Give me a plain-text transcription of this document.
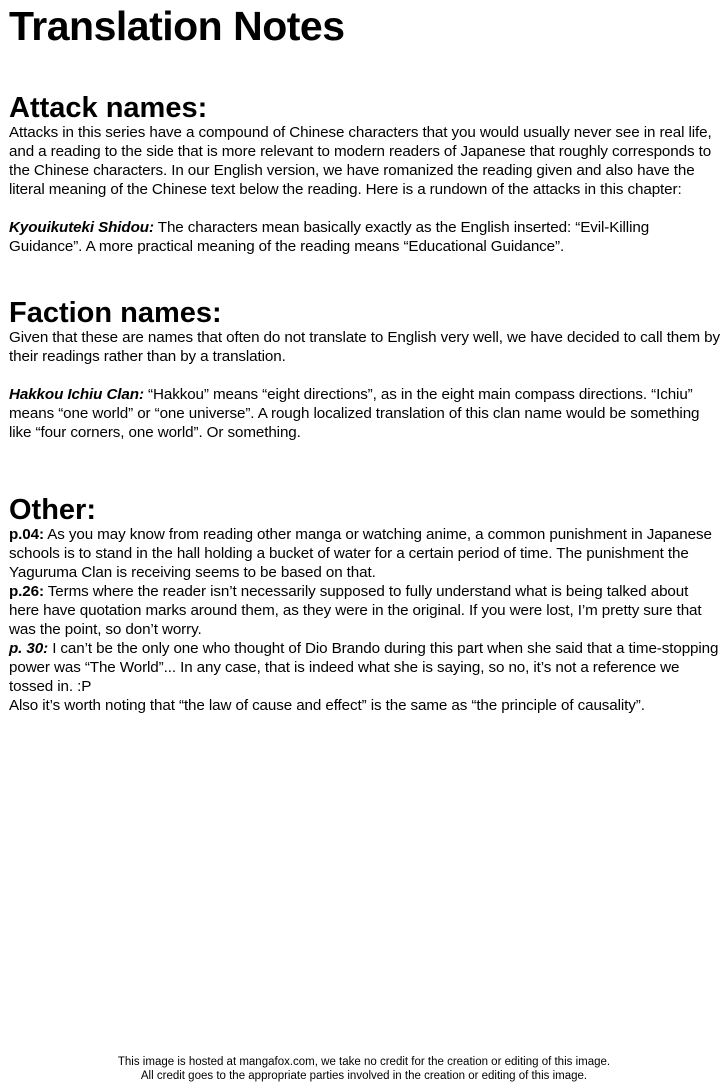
Translation Notes
Attack names:

Attacks in this series have a compound of Chinese characters that you would usually never see in real life, and a reading to the side that is more relevant to modern readers of Japanese that roughly corresponds to the Chinese characters. In our English version, we have romanized the reading given and also have the literal meaning of the Chinese text below the reading. Here is a rundown of the attacks in this chapter:

Kyouikuteki Shidou: The characters mean basically exactly as the English inserted: “Evil-Killing Guidance”. A more practical meaning of the reading means “Educational Guidance”.

Faction names:

Given that these are names that often do not translate to English very well, we have decided to call them by their readings rather than by a translation.

Hakkou Ichiu Clan: “Hakkou” means “eight directions”, as in the eight main compass directions. “Ichiu” means “one world” or “one universe”. A rough localized translation of this clan name would be something like “four corners, one world”. Or something.

Other:

p.04: As you may know from reading other manga or watching anime, a common punishment in Japanese schools is to stand in the hall holding a bucket of water for a certain period of time. The punishment the Yaguruma Clan is receiving seems to be based on that.

p.26: Terms where the reader isn’t necessarily supposed to fully understand what is being talked about here have quotation marks around them, as they were in the original. If you were lost, I’m pretty sure that was the point, so don’t worry.

p. 30: I can’t be the only one who thought of Dio Brando during this part when she said that a time-stopping power was “The World”... In any case, that is indeed what she is saying, so no, it’s not a reference we tossed in. :P

Also it’s worth noting that “the law of cause and effect” is the same as “the principle of causality”.

This image is hosted at mangafox.com, we take no credit for the creation or editing of this image.
All credit goes to the appropriate parties involved in the creation or editing of this image.
